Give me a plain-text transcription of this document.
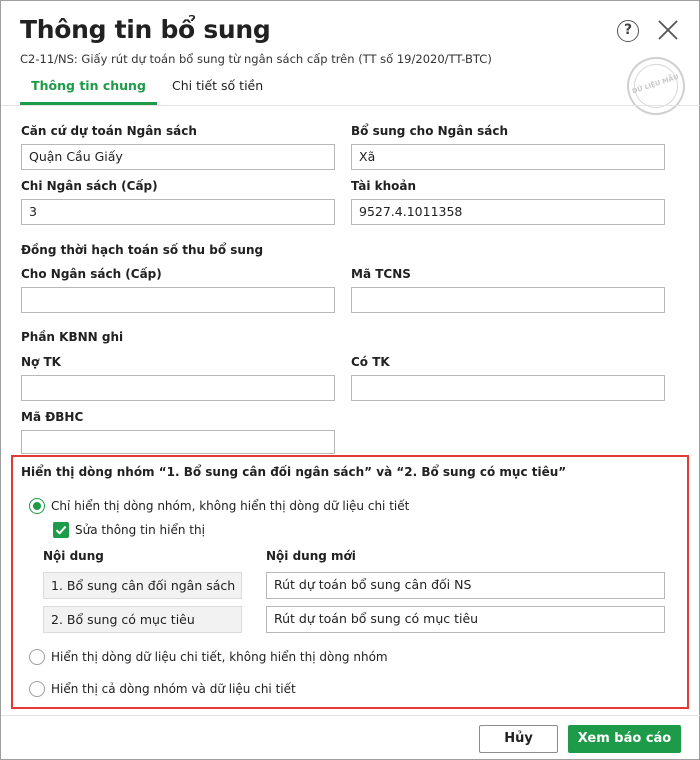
Thông tin bổ sung	?
C2-11/NS: Giấy rút dự toán bổ sung từ ngân sách cấp trên (TT số 19/2020/TT-BTC)
DỮ LIỆU MẪU
Thông tin chung	Chi tiết số tiền
Căn cứ dự toán Ngân sách
Quận Cầu Giấy
Bổ sung cho Ngân sách
Xã
Chi Ngân sách (Cấp)
3
Tài khoản
9527.4.1011358
Đồng thời hạch toán số thu bổ sung
Cho Ngân sách (Cấp)	Mã TCNS
Phần KBNN ghi
Nợ TK	Có TK
Mã ĐBHC
Hiển thị dòng nhóm “1. Bổ sung cân đối ngân sách” và “2. Bổ sung có mục tiêu”
Chỉ hiển thị dòng nhóm, không hiển thị dòng dữ liệu chi tiết
Sửa thông tin hiển thị
Nội dung	Nội dung mới
1. Bổ sung cân đối ngân sách	Rút dự toán bổ sung cân đối NS
2. Bổ sung có mục tiêu	Rút dự toán bổ sung có mục tiêu
Hiển thị dòng dữ liệu chi tiết, không hiển thị dòng nhóm
Hiển thị cả dòng nhóm và dữ liệu chi tiết
Hủy	Xem báo cáo
